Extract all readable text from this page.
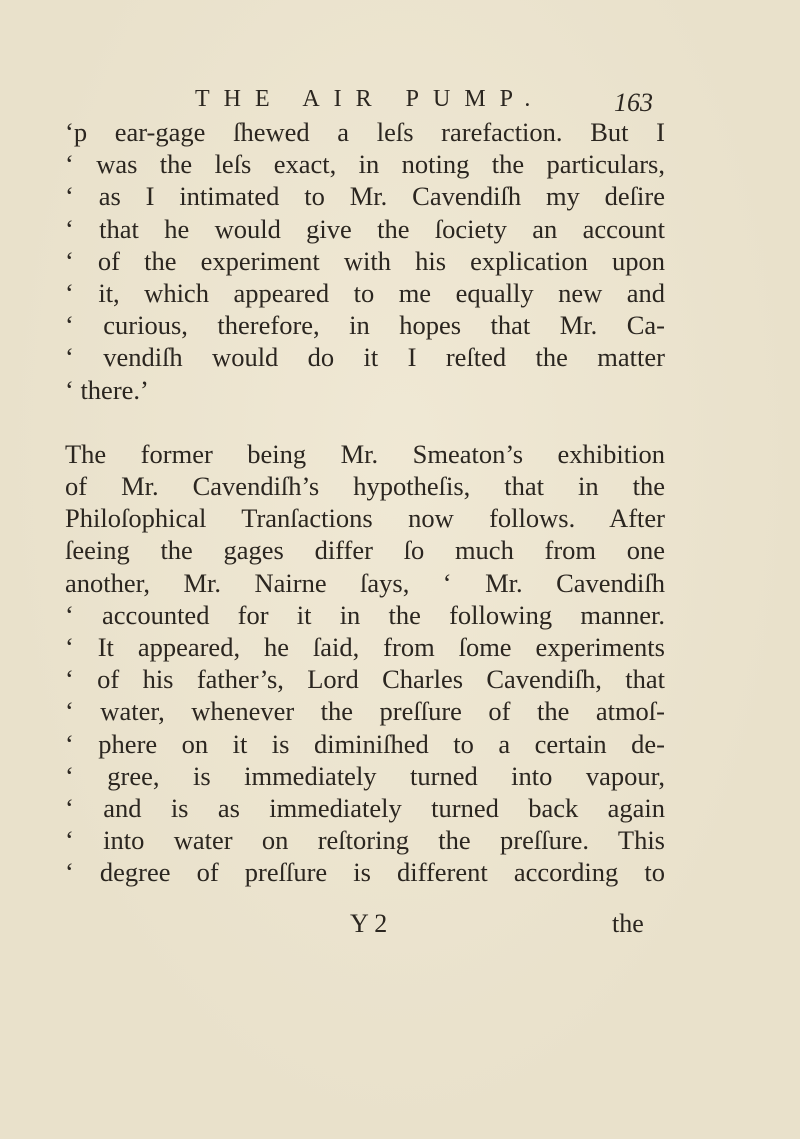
THE AIR PUMP.	163
‘p ear-gage ſhewed a leſs rarefaction. But I
‘ was the leſs exact, in noting the particulars,
‘ as I intimated to Mr. Cavendiſh my deſire
‘ that he would give the ſociety an account
‘ of the experiment with his explication upon
‘ it, which appeared to me equally new and
‘ curious, therefore, in hopes that Mr. Ca-
‘ vendiſh would do it I reſted the matter
‘ there.’
The former being Mr. Smeaton’s exhibition
of Mr. Cavendiſh’s hypotheſis, that in the
Philoſophical Tranſactions now follows. After
ſeeing the gages differ ſo much from one
another, Mr. Nairne ſays, ‘ Mr. Cavendiſh
‘ accounted for it in the following manner.
‘ It appeared, he ſaid, from ſome experiments
‘ of his father’s, Lord Charles Cavendiſh, that
‘ water, whenever the preſſure of the atmoſ-
‘ phere on it is diminiſhed to a certain de-
‘ gree, is immediately turned into vapour,
‘ and is as immediately turned back again
‘ into water on reſtoring the preſſure. This
‘ degree of preſſure is different according to
Y 2	the
